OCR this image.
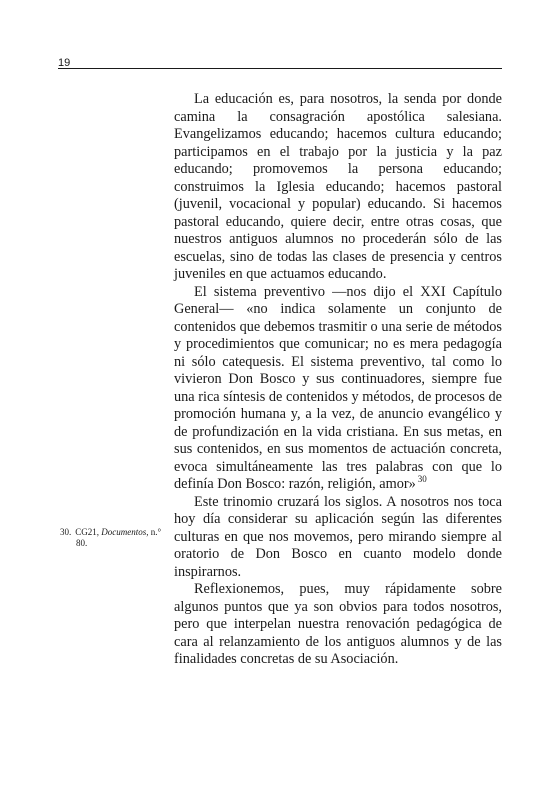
19

La educación es, para nosotros, la senda por donde camina la consagración apostólica salesiana. Evangelizamos educando; hacemos cultura educando; participamos en el trabajo por la justicia y la paz educando; promovemos la persona educando; construimos la Iglesia educando; hacemos pastoral (juvenil, vocacional y popular) educando. Si hacemos pastoral educando, quiere decir, entre otras cosas, que nuestros antiguos alumnos no procederán sólo de las escuelas, sino de todas las clases de presencia y centros juveniles en que actuamos educando.

El sistema preventivo —nos dijo el XXI Capítulo General— «no indica solamente un conjunto de contenidos que debemos trasmitir o una serie de métodos y procedimientos que comunicar; no es mera pedagogía ni sólo catequesis. El sistema preventivo, tal como lo vivieron Don Bosco y sus continuadores, siempre fue una rica síntesis de contenidos y métodos, de procesos de promoción humana y, a la vez, de anuncio evangélico y de profundización en la vida cristiana. En sus metas, en sus contenidos, en sus momentos de actuación concreta, evoca simultáneamente las tres palabras con que lo definía Don Bosco: razón, religión, amor» $^{30}$

Este trinomio cruzará los siglos. A nosotros nos toca hoy día considerar su aplicación según las diferentes culturas en que nos movemos, pero mirando siempre al oratorio de Don Bosco en cuanto modelo donde inspirarnos.

Reflexionemos, pues, muy rápidamente sobre algunos puntos que ya son obvios para todos nosotros, pero que interpelan nuestra renovación pedagógica de cara al relanzamiento de los antiguos alumnos y de las finalidades concretas de su Asociación.

30. CG21, Documentos, n.°
80.
